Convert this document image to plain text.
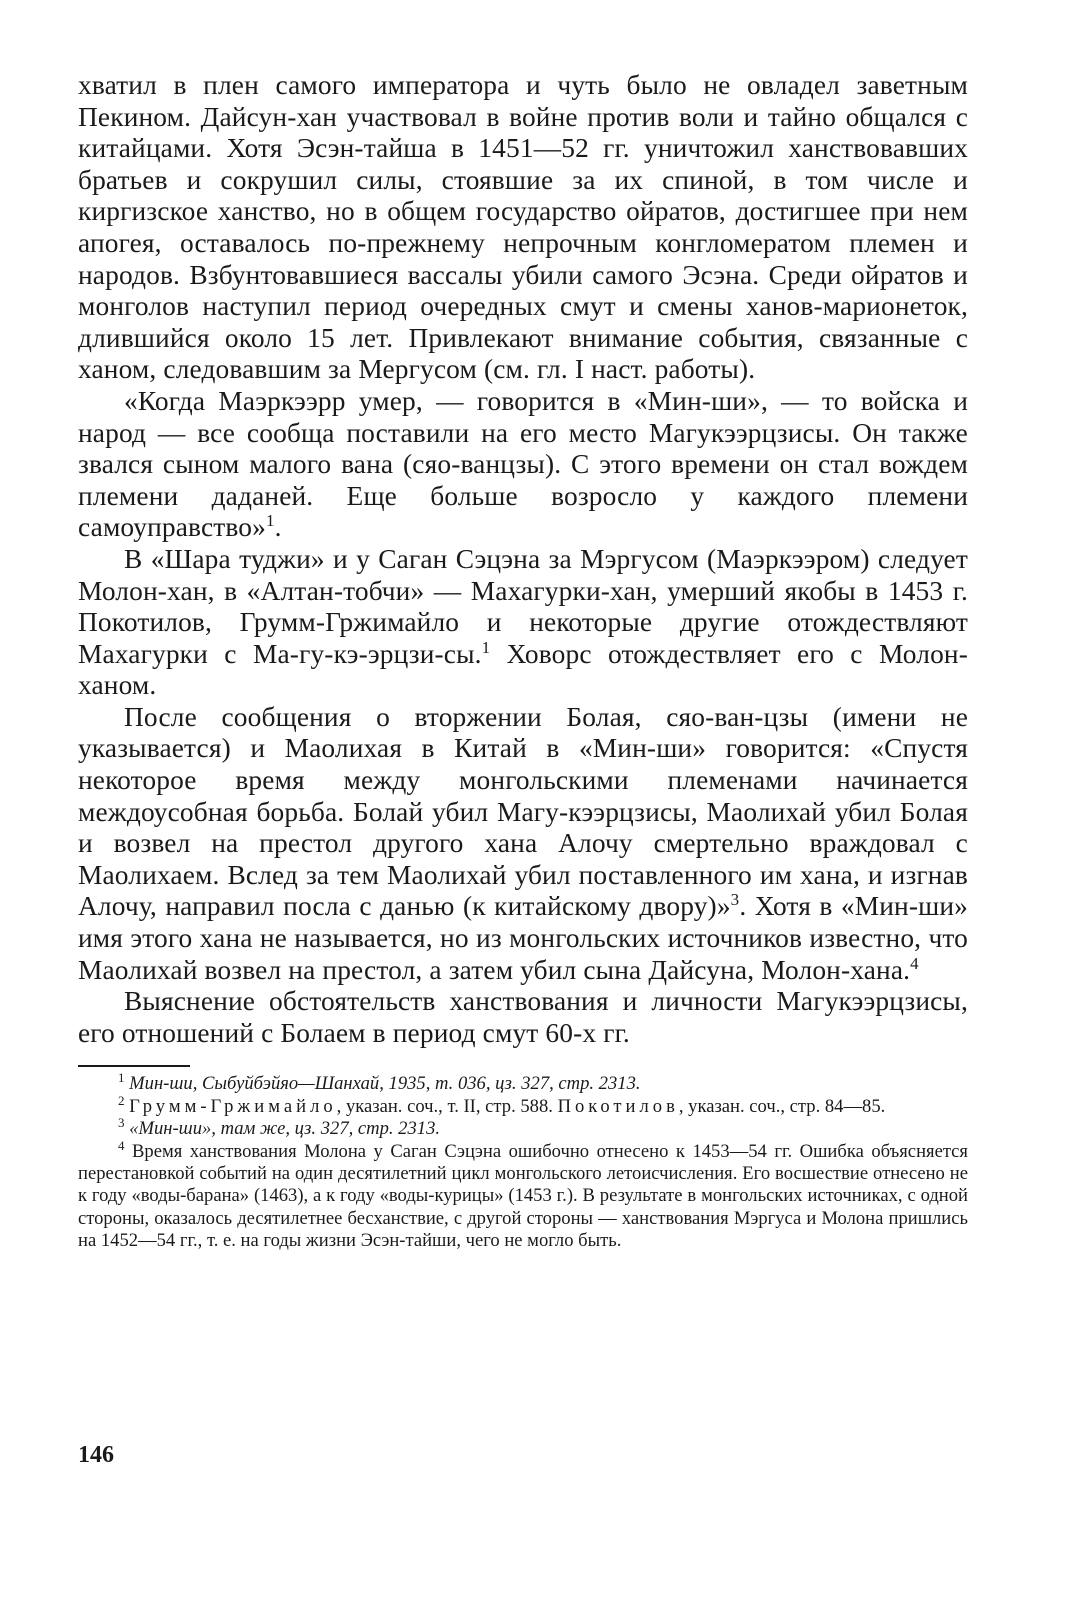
хватил в плен самого императора и чуть было не овладел заветным Пекином. Дайсун-хан участвовал в войне против воли и тайно общался с китайцами. Хотя Эсэн-тайша в 1451—52 гг. уничтожил ханствовавших братьев и сокрушил силы, стоявшие за их спиной, в том числе и киргизское ханство, но в общем государство ойратов, достигшее при нем апогея, оставалось по-прежнему непрочным конгломератом племен и народов. Взбунтовавшиеся вассалы убили самого Эсэна. Среди ойратов и монголов наступил период очередных смут и смены ханов-марионеток, длившийся около 15 лет. Привлекают внимание события, связанные с ханом, следовавшим за Мергусом (см. гл. I наст. работы).

«Когда Маэркээрр умер, — говорится в «Мин-ши», — то войска и народ — все сообща поставили на его место Магукээрцзисы. Он также звался сыном малого вана (сяо-ванцзы). С этого времени он стал вождем племени даданей. Еще больше возросло у каждого племени самоуправство»$^1$.

В «Шара туджи» и у Саган Сэцэна за Мэргусом (Маэркээром) следует Молон-хан, в «Алтан-тобчи» — Махагурки-хан, умерший якобы в 1453 г. Покотилов, Грумм-Гржимайло и некоторые другие отождествляют Махагурки с Ма-гу-кэ-эрцзи-сы.$^1$ Ховорс отождествляет его с Молон-ханом.

После сообщения о вторжении Болая, сяо-ван-цзы (имени не указывается) и Маолихая в Китай в «Мин-ши» говорится: «Спустя некоторое время между монгольскими племенами начинается междоусобная борьба. Болай убил Магу-кээрцзисы, Маолихай убил Болая и возвел на престол другого хана Алочу смертельно враждовал с Маолихаем. Вслед за тем Маолихай убил поставленного им хана, и изгнав Алочу, направил посла с данью (к китайскому двору)»$^3$. Хотя в «Мин-ши» имя этого хана не называется, но из монгольских источников известно, что Маолихай возвел на престол, а затем убил сына Дайсуна, Молон-хана.$^4$

Выяснение обстоятельств ханствования и личности Магукээрцзисы, его отношений с Болаем в период смут 60-х гг.

$^1$ Мин-ши, Сыбуйбэйяо—Шанхай, 1935, т. 036, цз. 327, стр. 2313.

$^2$ Грумм-Гржимайло, указан. соч., т. II, стр. 588. Покотилов, указан. соч., стр. 84—85.

$^3$ «Мин-ши», там же, цз. 327, стр. 2313.

$^4$ Время ханствования Молона у Саган Сэцэна ошибочно отнесено к 1453—54 гг. Ошибка объясняется перестановкой событий на один десятилетний цикл монгольского летоисчисления. Его восшествие отнесено не к году «воды-барана» (1463), а к году «воды-курицы» (1453 г.). В результате в монгольских источниках, с одной стороны, оказалось десятилетнее бесханствие, с другой стороны — ханствования Мэргуса и Молона пришлись на 1452—54 гг., т. е. на годы жизни Эсэн-тайши, чего не могло быть.

146
